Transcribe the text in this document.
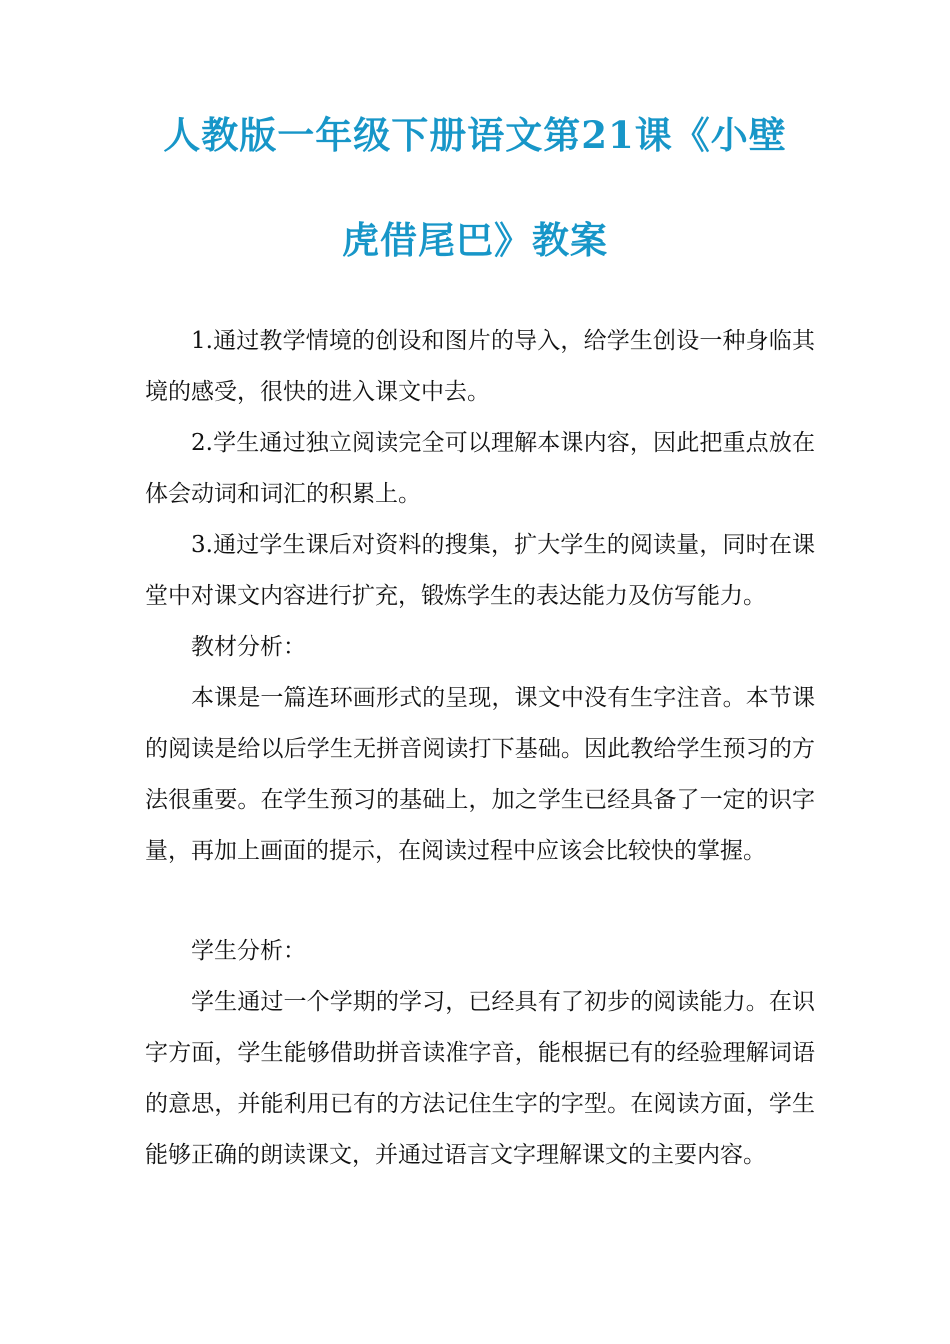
人教版一年级下册语文第21课《小壁
虎借尾巴》教案

1.通过教学情境的创设和图片的导入，给学生创设一种身临其境的感受，很快的进入课文中去。

2.学生通过独立阅读完全可以理解本课内容，因此把重点放在体会动词和词汇的积累上。

3.通过学生课后对资料的搜集，扩大学生的阅读量，同时在课堂中对课文内容进行扩充，锻炼学生的表达能力及仿写能力。

教材分析：

本课是一篇连环画形式的呈现，课文中没有生字注音。本节课的阅读是给以后学生无拼音阅读打下基础。因此教给学生预习的方法很重要。在学生预习的基础上，加之学生已经具备了一定的识字量，再加上画面的提示，在阅读过程中应该会比较快的掌握。

学生分析：

学生通过一个学期的学习，已经具有了初步的阅读能力。在识字方面，学生能够借助拼音读准字音，能根据已有的经验理解词语的意思，并能利用已有的方法记住生字的字型。在阅读方面，学生能够正确的朗读课文，并通过语言文字理解课文的主要内容。
